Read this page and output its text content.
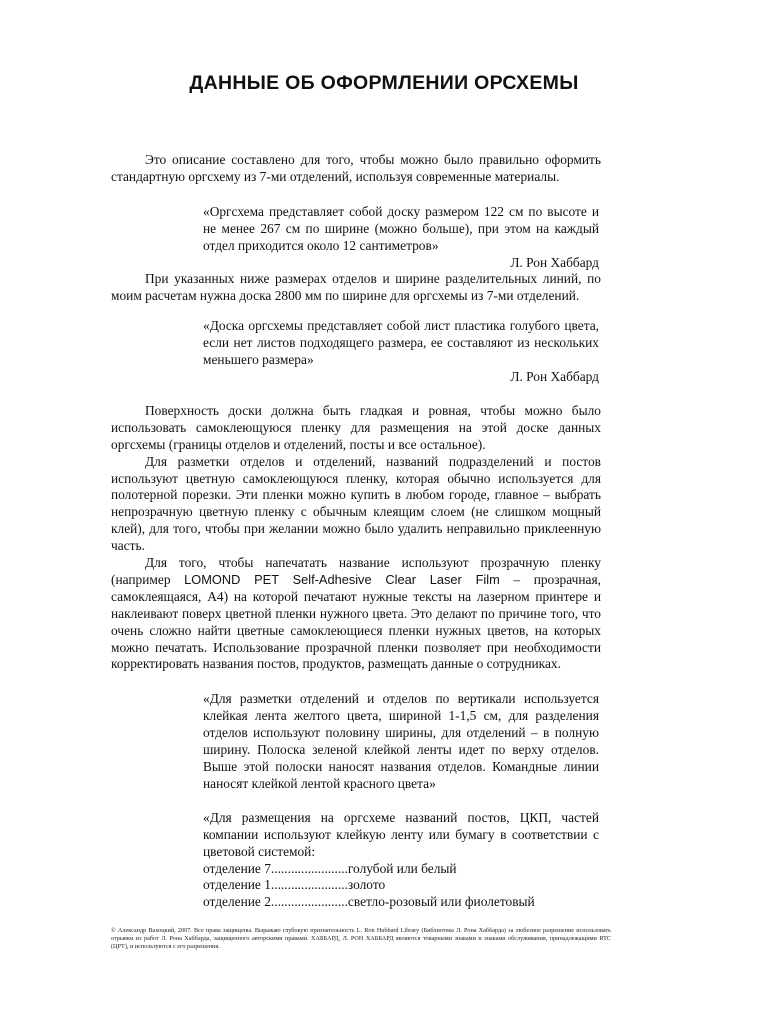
ДАННЫЕ ОБ ОФОРМЛЕНИИ ОРСХЕМЫ

Это описание составлено для того, чтобы можно было правильно оформить стандартную оргсхему из 7-ми отделений, используя современные материалы.

«Оргсхема представляет собой доску размером 122 см по высоте и не менее 267 см по ширине (можно больше), при этом на каждый отдел приходится около 12 сантиметров»

Л. Рон Хаббард

При указанных ниже размерах отделов и ширине разделительных линий, по моим расчетам нужна доска 2800 мм по ширине для оргсхемы из 7-ми отделений.

«Доска оргсхемы представляет собой лист пластика голубого цвета, если нет листов подходящего размера, ее составляют из нескольких меньшего размера»

Л. Рон Хаббард

Поверхность доски должна быть гладкая и ровная, чтобы можно было использовать самоклеющуюся пленку для размещения на этой доске данных оргсхемы (границы отделов и отделений, посты и все остальное).

Для разметки отделов и отделений, названий подразделений и постов используют цветную самоклеющуюся пленку, которая обычно используется для полотерной порезки. Эти пленки можно купить в любом городе, главное – выбрать непрозрачную цветную пленку с обычным клеящим слоем (не слишком мощный клей), для того, чтобы при желании можно было удалить неправильно приклеенную часть.

Для того, чтобы напечатать название используют прозрачную пленку (например LOMOND PET Self-Adhesive Clear Laser Film – прозрачная, самоклеящаяся, А4) на которой печатают нужные тексты на лазерном принтере и наклеивают поверх цветной пленки нужного цвета. Это делают по причине того, что очень сложно найти цветные самоклеющиеся пленки нужных цветов, на которых можно печатать. Использование прозрачной пленки позволяет при необходимости корректировать названия постов, продуктов, размещать данные о сотрудниках.

«Для разметки отделений и отделов по вертикали используется клейкая лента желтого цвета, шириной 1-1,5 см, для разделения отделов используют половину ширины, для отделений – в полную ширину. Полоска зеленой клейкой ленты идет по верху отделов. Выше этой полоски наносят названия отделов. Командные линии наносят клейкой лентой красного цвета»

«Для размещения на оргсхеме названий постов, ЦКП, частей компании используют клейкую ленту или бумагу в соответствии с цветовой системой:

отделение 7.......................голубой или белый

отделение 1.......................золото

отделение 2.......................светло-розовый или фиолетовый

© Александр Вахоцкий, 2007. Все права защищены. Выражаю глубокую признательность L. Ron Hubbard Library (Библиотека Л. Рона Хаббарда) за любезное разрешение использовать отрывки из работ Л. Рона Хаббарда, защищенного авторскими правами. ХАББАРД, Л. РОН ХАББАРД являются товарными знаками и знаками обслуживания, принадлежащими RTC (ЦРТ), и используются с его разрешения.
